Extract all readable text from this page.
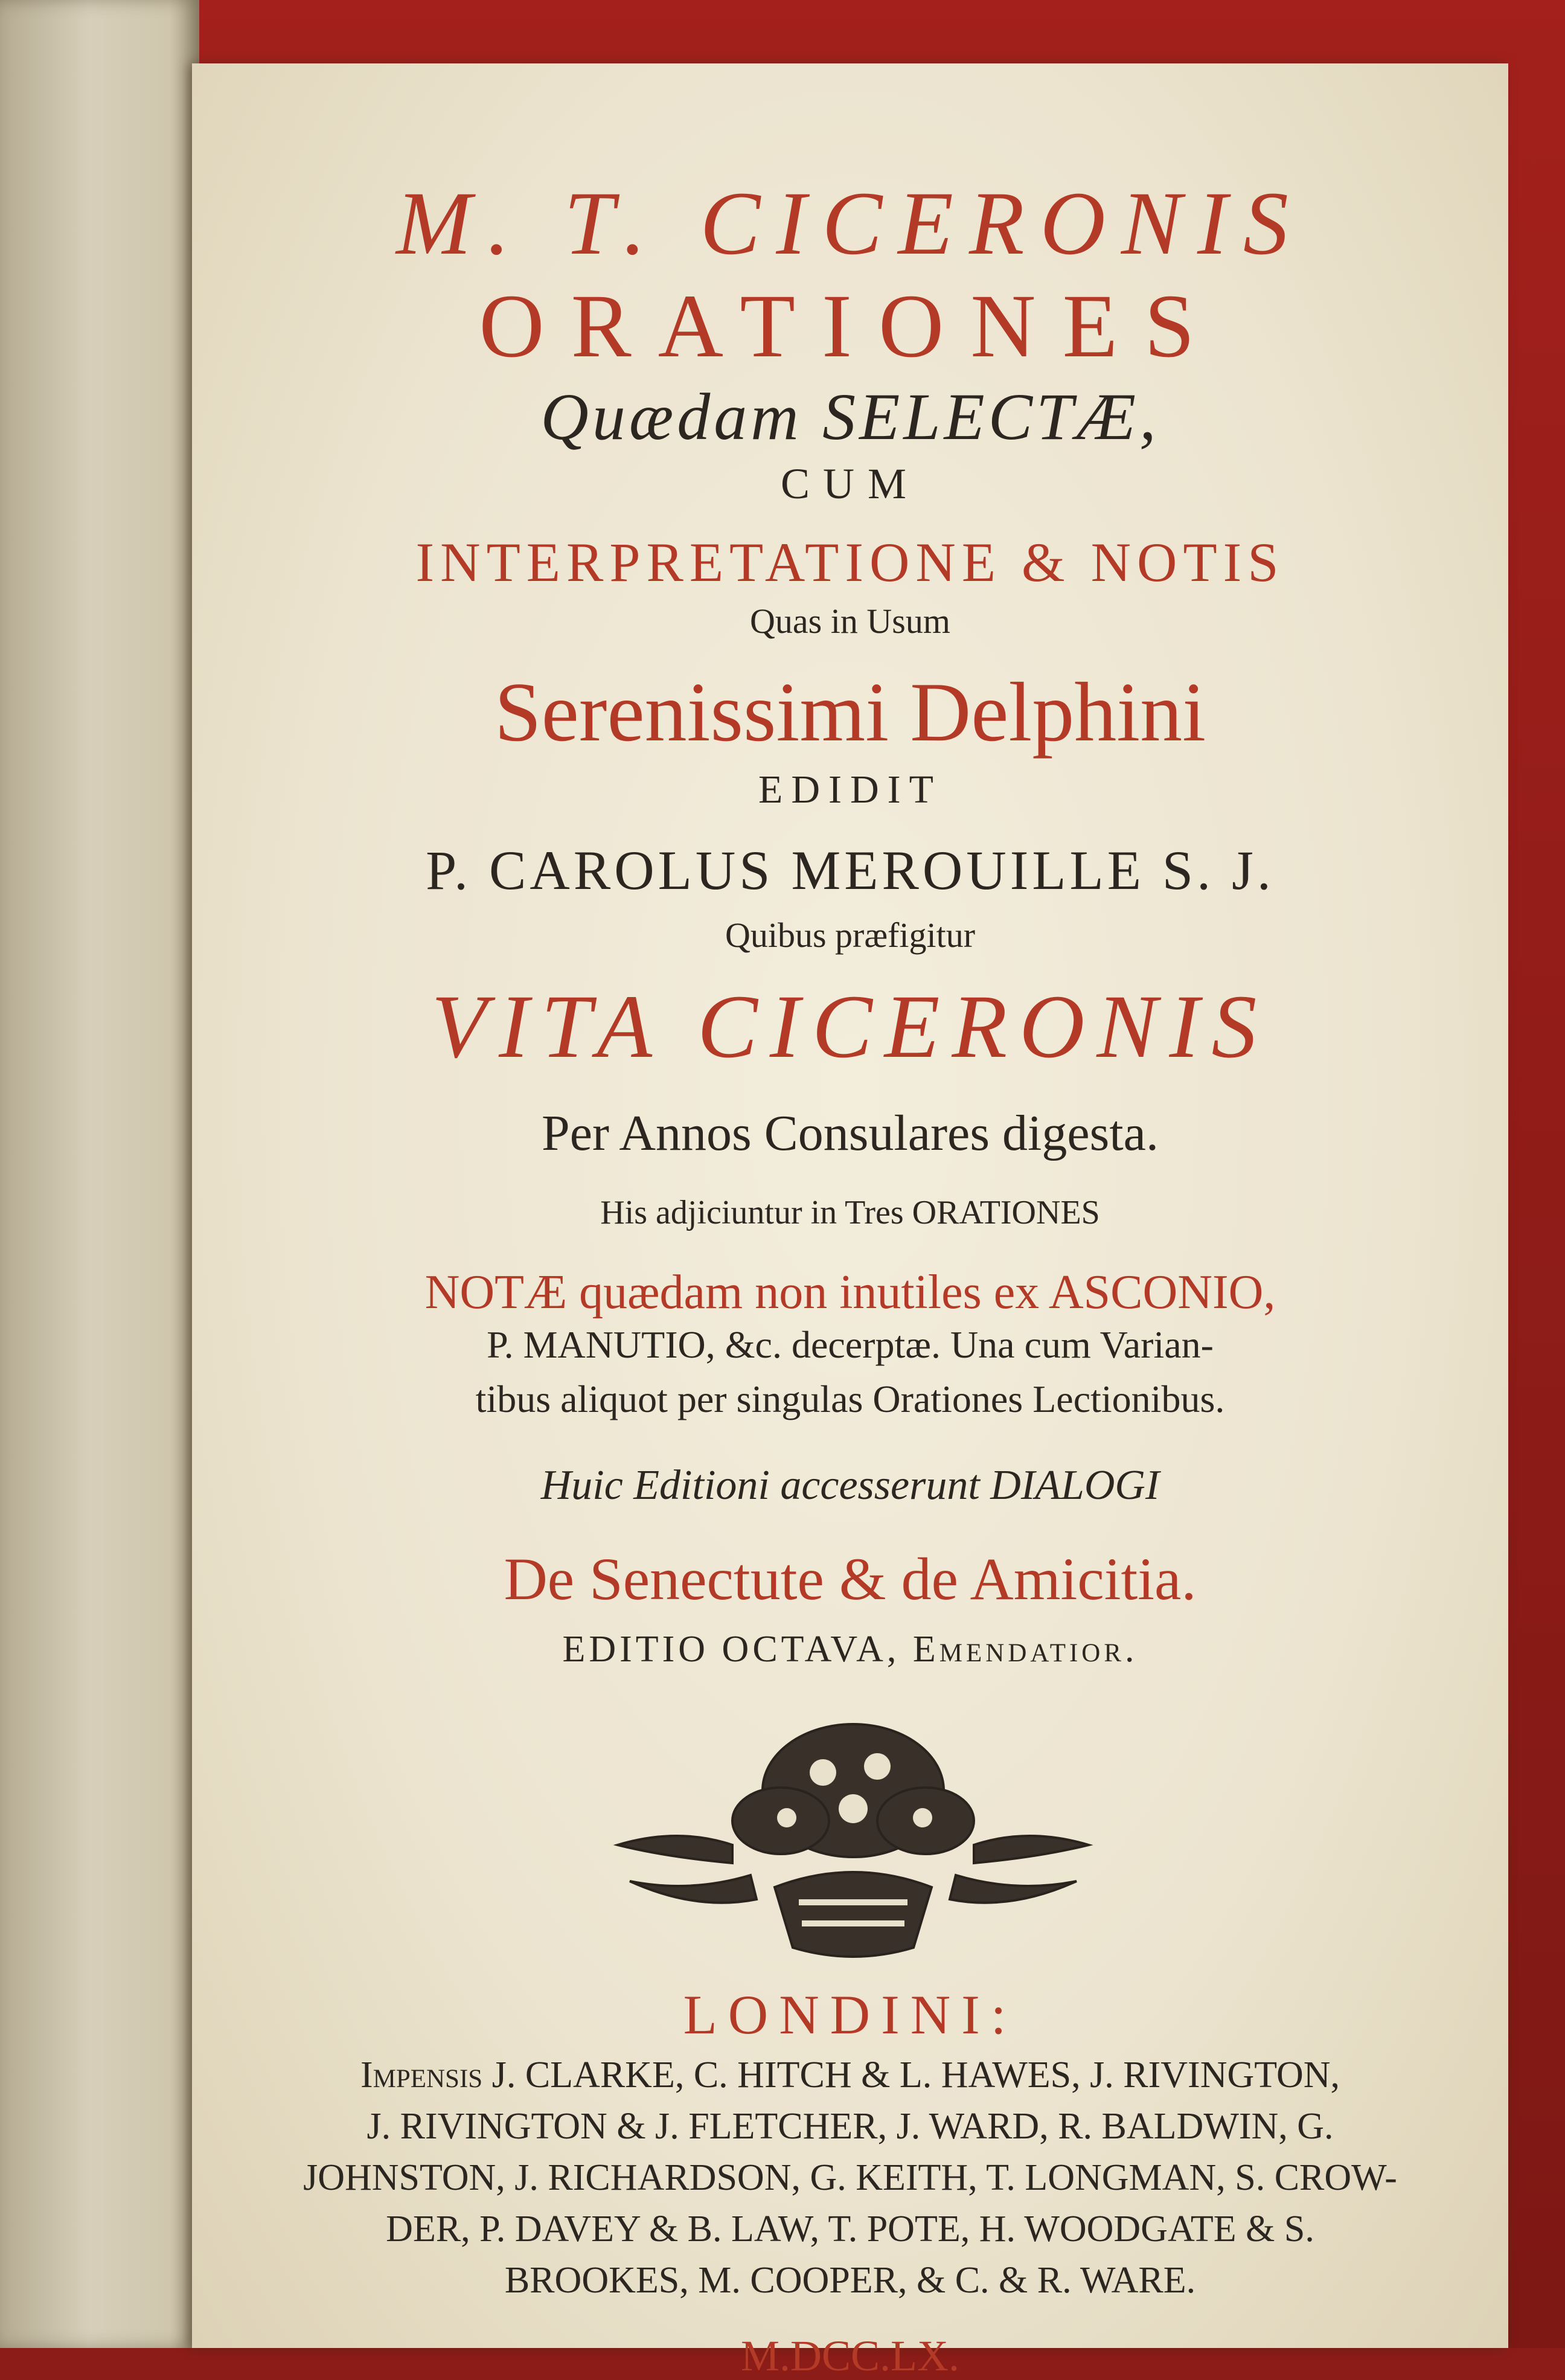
M. T. CICERONIS

ORATIONES

Quædam SELECTÆ,

CUM

INTERPRETATIONE & NOTIS

Quas in Usum

Serenissimi Delphini

EDIDIT

P. CAROLUS MEROUILLE S. J.

Quibus præfigitur

VITA CICERONIS

Per Annos Consulares digesta.

His adjiciuntur in Tres ORATIONES

NOTÆ quædam non inutiles ex ASCONIO,

P. MANUTIO, &c. decerptæ. Una cum Varian-

tibus aliquot per singulas Orationes Lectionibus.

Huic Editioni accesserunt DIALOGI

De Senectute & de Amicitia.

EDITIO OCTAVA, Emendatior.

LONDINI:

Impensis J. CLARKE, C. HITCH & L. HAWES, J. RIVINGTON,

J. RIVINGTON & J. FLETCHER, J. WARD, R. BALDWIN, G.

JOHNSTON, J. RICHARDSON, G. KEITH, T. LONGMAN, S. CROW-

DER, P. DAVEY & B. LAW, T. POTE, H. WOODGATE & S.

BROOKES, M. COOPER, & C. & R. WARE.

M.DCC.LX.
